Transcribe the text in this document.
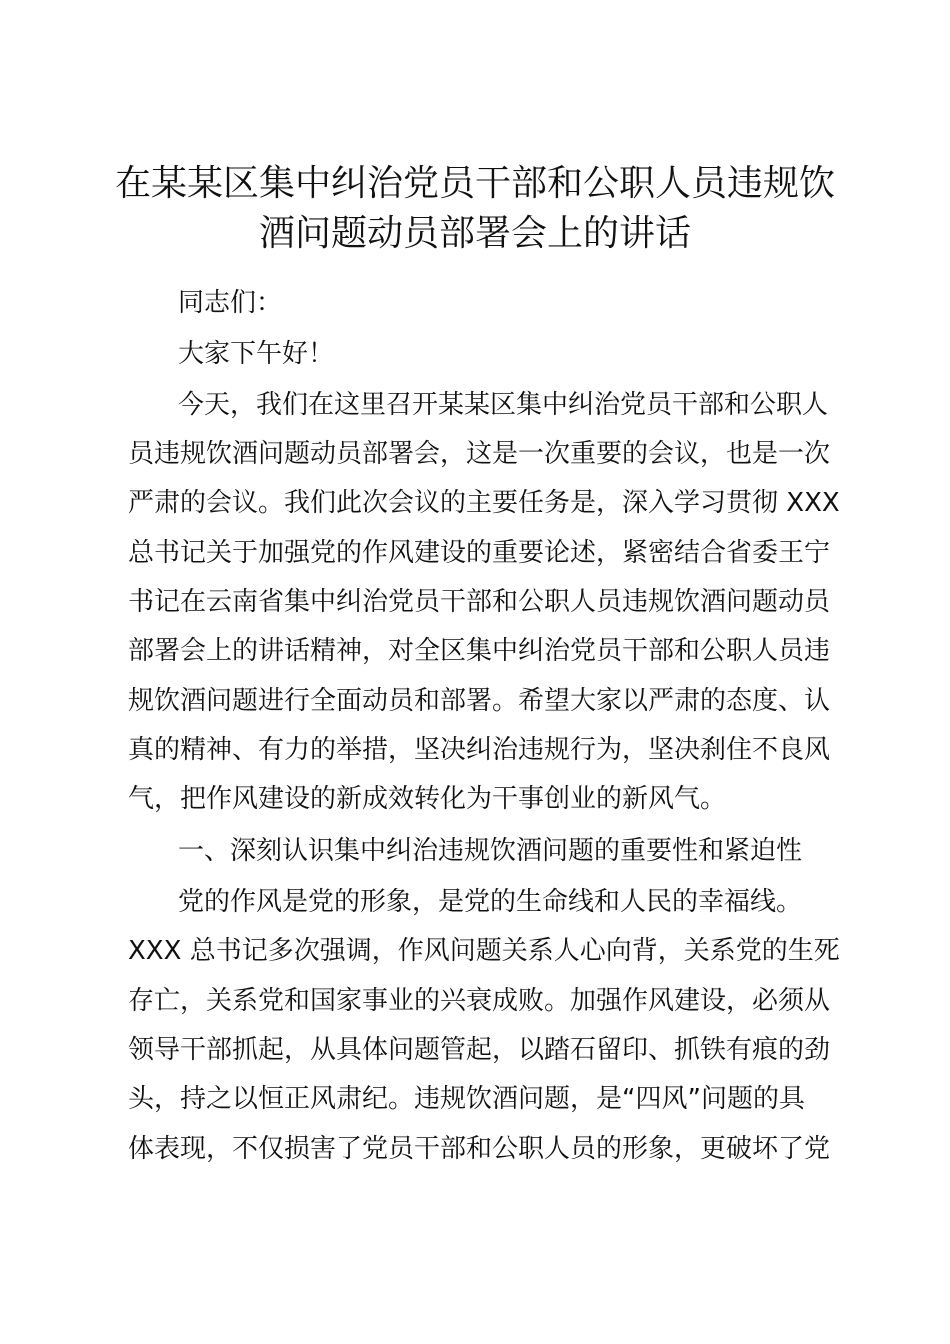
在某某区集中纠治党员干部和公职人员违规饮
酒问题动员部署会上的讲话

同志们：

大家下午好！

今天，我们在这里召开某某区集中纠治党员干部和公职人

员违规饮酒问题动员部署会，这是一次重要的会议，也是一次

严肃的会议。我们此次会议的主要任务是，深入学习贯彻 XXX

总书记关于加强党的作风建设的重要论述，紧密结合省委王宁

书记在云南省集中纠治党员干部和公职人员违规饮酒问题动员

部署会上的讲话精神，对全区集中纠治党员干部和公职人员违

规饮酒问题进行全面动员和部署。希望大家以严肃的态度、认

真的精神、有力的举措，坚决纠治违规行为，坚决刹住不良风

气，把作风建设的新成效转化为干事创业的新风气。

一、深刻认识集中纠治违规饮酒问题的重要性和紧迫性

党的作风是党的形象，是党的生命线和人民的幸福线。

XXX 总书记多次强调，作风问题关系人心向背，关系党的生死

存亡，关系党和国家事业的兴衰成败。加强作风建设，必须从

领导干部抓起，从具体问题管起，以踏石留印、抓铁有痕的劲

头，持之以恒正风肃纪。违规饮酒问题，是“四风”问题的具

体表现，不仅损害了党员干部和公职人员的形象，更破坏了党
